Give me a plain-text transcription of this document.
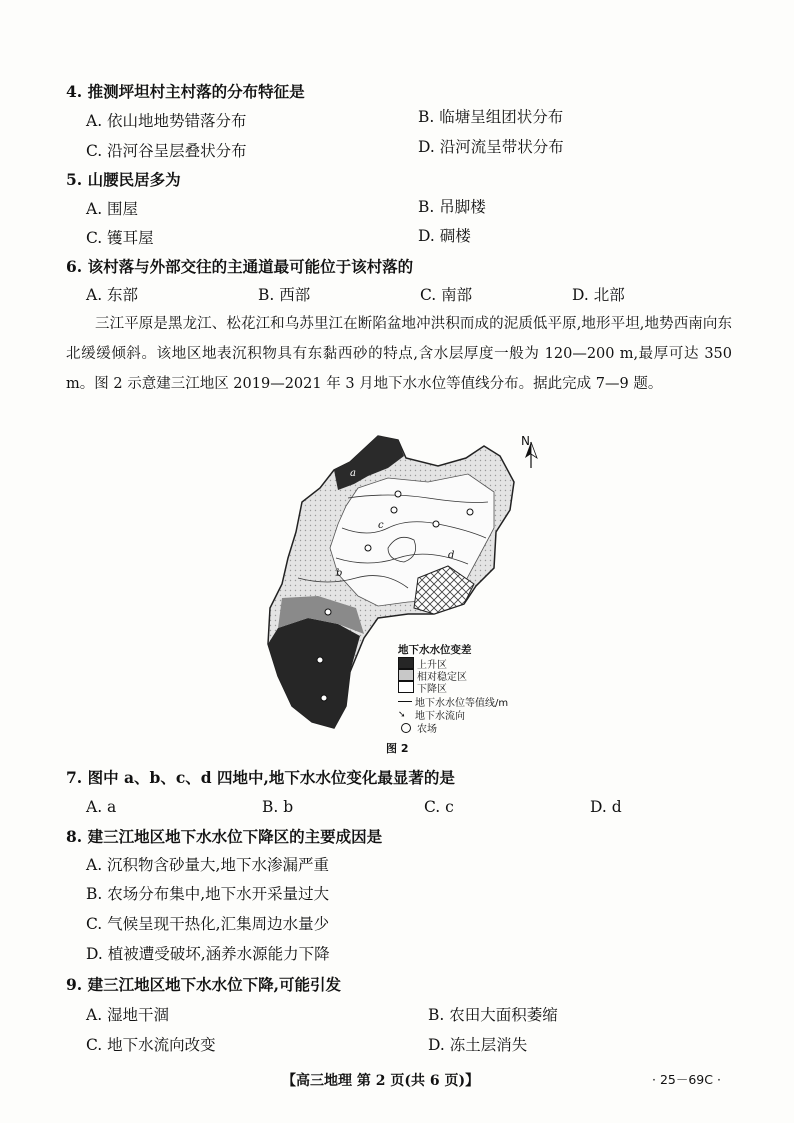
4. 推测坪坦村主村落的分布特征是
A. 依山地地势错落分布	B. 临塘呈组团状分布
C. 沿河谷呈层叠状分布	D. 沿河流呈带状分布
5. 山腰民居多为
A. 围屋	B. 吊脚楼
C. 镬耳屋	D. 碉楼
6. 该村落与外部交往的主通道最可能位于该村落的
A. 东部	B. 西部	C. 南部	D. 北部

三江平原是黑龙江、松花江和乌苏里江在断陷盆地冲洪积而成的泥质低平原,地形平坦,地势西南向东北缓缓倾斜。该地区地表沉积物具有东黏西砂的特点,含水层厚度一般为 120—200 m,最厚可达 350 m。图 2 示意建三江地区 2019—2021 年 3 月地下水水位等值线分布。据此完成 7—9 题。

N
a
b
c
d
地下水水位变差
上升区
相对稳定区
下降区
地下水水位等值线/m
➘ 地下水流向
农场
图 2
7. 图中 a、b、c、d 四地中,地下水水位变化最显著的是
A. a	B. b	C. c	D. d
8. 建三江地区地下水水位下降区的主要成因是
A. 沉积物含砂量大,地下水渗漏严重
B. 农场分布集中,地下水开采量过大
C. 气候呈现干热化,汇集周边水量少
D. 植被遭受破坏,涵养水源能力下降
9. 建三江地区地下水水位下降,可能引发
A. 湿地干涸	B. 农田大面积萎缩
C. 地下水流向改变	D. 冻土层消失
【高三地理 第 2 页(共 6 页)】	· 25－69C ·
